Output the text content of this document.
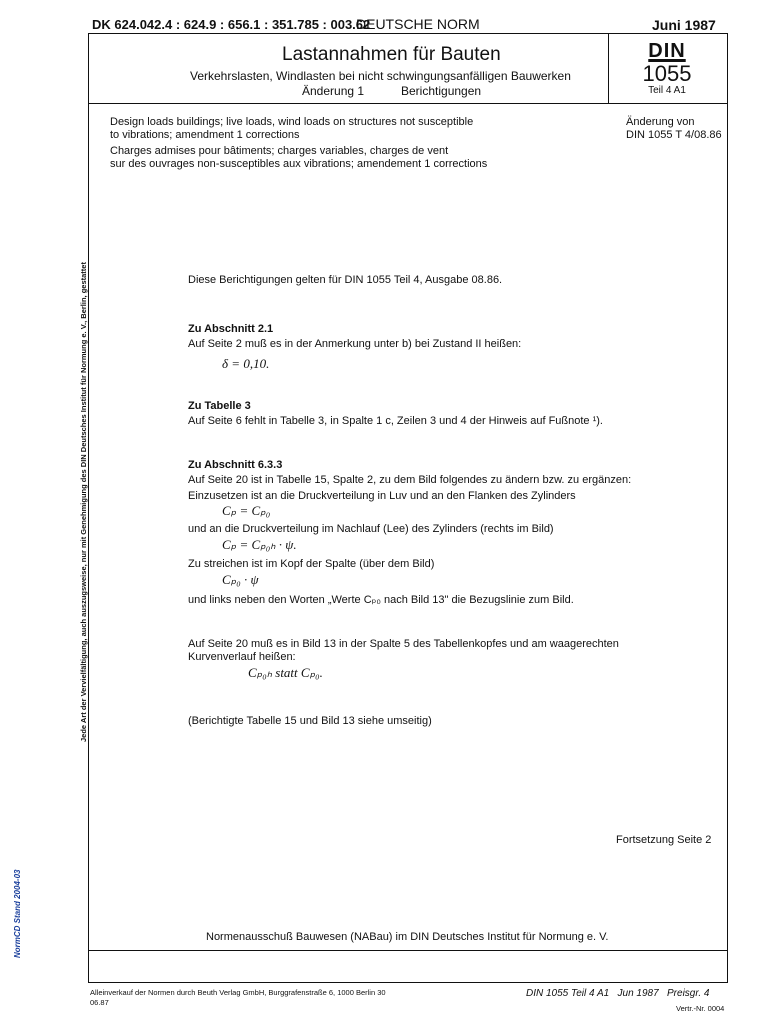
DK 624.042.4 : 624.9 : 656.1 : 351.785 : 003.62
DEUTSCHE NORM	Juni 1987
Lastannahmen für Bauten
Verkehrslasten, Windlasten bei nicht schwingungsanfälligen Bauwerken
Änderung 1	Berichtigungen
DIN
1055
Teil 4 A1
Design loads buildings; live loads, wind loads on structures not susceptible
to vibrations; amendment 1 corrections
Charges admises pour bâtiments; charges variables, charges de vent
sur des ouvrages non-susceptibles aux vibrations; amendement 1 corrections
Änderung von
DIN 1055 T 4/08.86
Diese Berichtigungen gelten für DIN 1055 Teil 4, Ausgabe 08.86.
Zu Abschnitt 2.1
Auf Seite 2 muß es in der Anmerkung unter b) bei Zustand II heißen:
δ = 0,10.
Zu Tabelle 3
Auf Seite 6 fehlt in Tabelle 3, in Spalte 1 c, Zeilen 3 und 4 der Hinweis auf Fußnote ¹).
Zu Abschnitt 6.3.3
Auf Seite 20 ist in Tabelle 15, Spalte 2, zu dem Bild folgendes zu ändern bzw. zu ergänzen:
Einzusetzen ist an die Druckverteilung in Luv und an den Flanken des Zylinders
Cₚ = Cₚ₀
und an die Druckverteilung im Nachlauf (Lee) des Zylinders (rechts im Bild)
Cₚ = Cₚ₀ₕ · ψ.
Zu streichen ist im Kopf der Spalte (über dem Bild)
Cₚ₀ · ψ
und links neben den Worten „Werte Cₚ₀ nach Bild 13" die Bezugslinie zum Bild.
Auf Seite 20 muß es in Bild 13 in der Spalte 5 des Tabellenkopfes und am waagerechten
Kurvenverlauf heißen:
Cₚ₀ₕ statt Cₚ₀.
(Berichtigte Tabelle 15 und Bild 13 siehe umseitig)
Fortsetzung Seite 2
Normenausschuß Bauwesen (NABau) im DIN Deutsches Institut für Normung e. V.
Alleinverkauf der Normen durch Beuth Verlag GmbH, Burggrafenstraße 6, 1000 Berlin 30
06.87
DIN 1055 Teil 4 A1   Jun 1987   Preisgr. 4
Vertr.-Nr. 0004
Jede Art der Vervielfältigung, auch auszugsweise, nur mit Genehmigung des DIN Deutsches Institut für Normung e. V., Berlin, gestattet
NormCD Stand 2004-03
